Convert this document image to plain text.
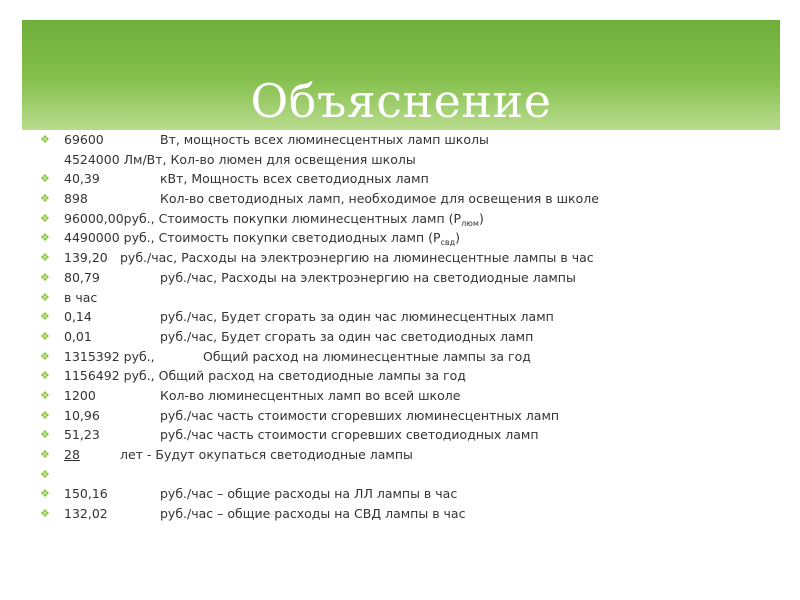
Объяснение
❖ 69600	Вт, мощность всех люминесцентных ламп школы
4524000 Лм/Вт, Кол-во люмен для освещения школы
❖ 40,39	кВт, Мощность всех светодиодных ламп
❖ 898	Кол-во светодиодных ламп, необходимое для освещения в школе
❖ 96000,00руб., Стоимость покупки люминесцентных ламп $(P_{люм})$
❖ 4490000 руб., Стоимость покупки светодиодных ламп $(P_{свд})$
❖ 139,20 руб./час, Расходы на электроэнергию на люминесцентные лампы в час
❖ 80,79	руб./час, Расходы на электроэнергию на светодиодные лампы
❖ в час
❖ 0,14	руб./час, Будет сгорать за один час люминесцентных ламп
❖ 0,01	руб./час, Будет сгорать за один час светодиодных ламп
❖ 1315392 руб.,	Общий расход на люминесцентные лампы за год
❖ 1156492 руб., Общий расход на светодиодные лампы за год
❖ 1200	Кол-во люминесцентных ламп во всей школе
❖ 10,96	руб./час часть стоимости сгоревших люминесцентных ламп
❖ 51,23	руб./час часть стоимости сгоревших светодиодных ламп
❖ 28	лет - Будут окупаться светодиодные лампы
❖
❖ 150,16	руб./час – общие расходы на ЛЛ лампы в час
❖ 132,02	руб./час – общие расходы на СВД лампы в час
